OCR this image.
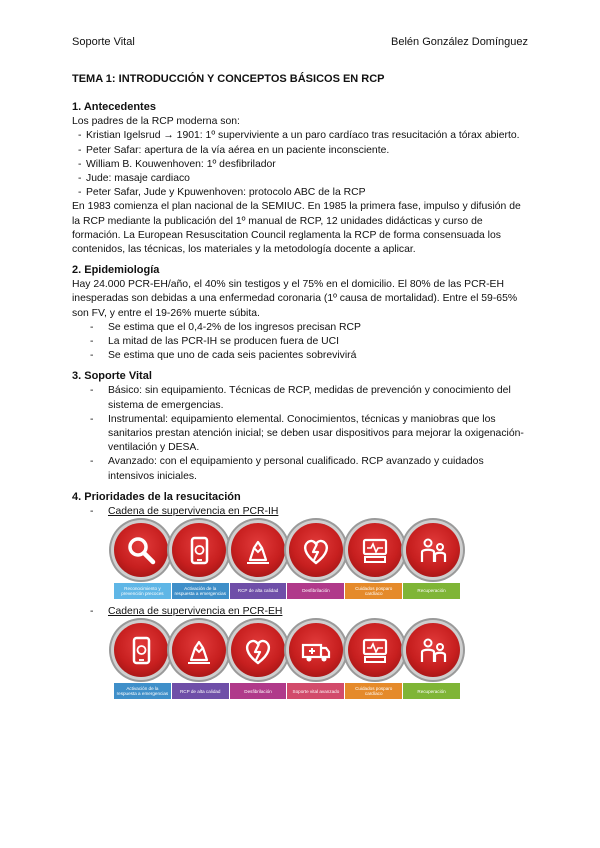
Soporte Vital	Belén González Domínguez
TEMA 1: INTRODUCCIÓN Y CONCEPTOS BÁSICOS EN RCP
1. Antecedentes

Los padres de la RCP moderna son:

- Kristian Igelsrud → 1901: 1º superviviente a un paro cardíaco tras resucitación a tórax abierto.
- Peter Safar: apertura de la vía aérea en un paciente inconsciente.
- William B. Kouwenhoven: 1º desfibrilador
- Jude: masaje cardiaco
- Peter Safar, Jude y Kpuwenhoven: protocolo ABC de la RCP

En 1983 comienza el plan nacional de la SEMIUC. En 1985 la primera fase, impulso y difusión de la RCP mediante la publicación del 1º manual de RCP, 12 unidades didácticas y curso de formación. La European Resuscitation Council reglamenta la RCP de forma consensuada los contenidos, las técnicas, los materiales y la metodología docente a aplicar.

2. Epidemiología

Hay 24.000 PCR-EH/año, el 40% sin testigos y el 75% en el domicilio. El 80% de las PCR-EH inesperadas son debidas a una enfermedad coronaria (1º causa de mortalidad). Entre el 59-65% son FV, y entre el 19-26% muerte súbita.

- Se estima que el 0,4-2% de los ingresos precisan RCP
- La mitad de las PCR-IH se producen fuera de UCI
- Se estima que uno de cada seis pacientes sobrevivirá
3. Soporte Vital
- Básico: sin equipamiento. Técnicas de RCP, medidas de prevención y conocimiento del sistema de emergencias.
- Instrumental: equipamiento elemental. Conocimientos, técnicas y maniobras que los sanitarios prestan atención inicial; se deben usar dispositivos para mejorar la oxigenación-ventilación y DESA.
- Avanzado: con el equipamiento y personal cualificado. RCP avanzado y cuidados intensivos iniciales.
4. Prioridades de la resucitación
- Cadena de supervivencia en PCR-IH
Reconocimiento y prevención precoces
Activación de la respuesta a emergencias
RCP de alta calidad	Desfibrilación
Cuidados posparo cardíaco
Recuperación
- Cadena de supervivencia en PCR-EH
Activación de la respuesta a emergencias
RCP de alta calidad	Desfibrilación	Soporte vital avanzado
Cuidados posparo cardíaco
Recuperación
